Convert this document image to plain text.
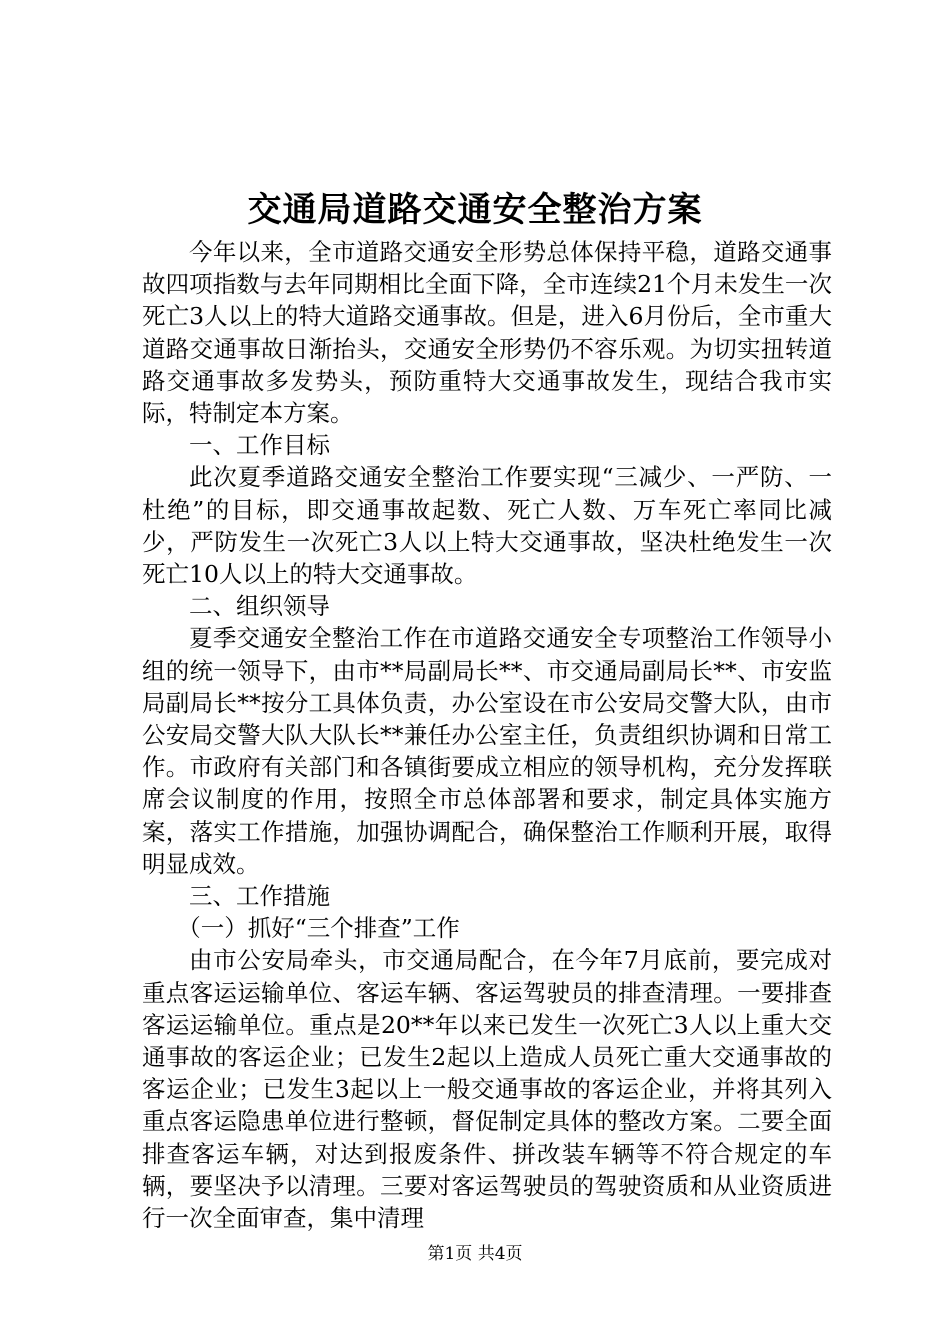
交通局道路交通安全整治方案

今年以来，全市道路交通安全形势总体保持平稳，道路交通事故四项指数与去年同期相比全面下降，全市连续21个月未发生一次死亡3人以上的特大道路交通事故。但是，进入6月份后，全市重大道路交通事故日渐抬头，交通安全形势仍不容乐观。为切实扭转道路交通事故多发势头，预防重特大交通事故发生，现结合我市实际，特制定本方案。

一、工作目标

此次夏季道路交通安全整治工作要实现“三减少、一严防、一杜绝”的目标，即交通事故起数、死亡人数、万车死亡率同比减少，严防发生一次死亡3人以上特大交通事故，坚决杜绝发生一次死亡10人以上的特大交通事故。

二、组织领导

夏季交通安全整治工作在市道路交通安全专项整治工作领导小组的统一领导下，由市**局副局长**、市交通局副局长**、市安监局副局长**按分工具体负责，办公室设在市公安局交警大队，由市公安局交警大队大队长**兼任办公室主任，负责组织协调和日常工作。市政府有关部门和各镇街要成立相应的领导机构，充分发挥联席会议制度的作用，按照全市总体部署和要求，制定具体实施方案，落实工作措施，加强协调配合，确保整治工作顺利开展，取得明显成效。

三、工作措施

（一）抓好“三个排查”工作

由市公安局牵头，市交通局配合，在今年7月底前，要完成对重点客运运输单位、客运车辆、客运驾驶员的排查清理。一要排查客运运输单位。重点是20**年以来已发生一次死亡3人以上重大交通事故的客运企业；已发生2起以上造成人员死亡重大交通事故的客运企业；已发生3起以上一般交通事故的客运企业，并将其列入重点客运隐患单位进行整顿，督促制定具体的整改方案。二要全面排查客运车辆，对达到报废条件、拼改装车辆等不符合规定的车辆，要坚决予以清理。三要对客运驾驶员的驾驶资质和从业资质进行一次全面审查，集中清理

第1页 共4页
